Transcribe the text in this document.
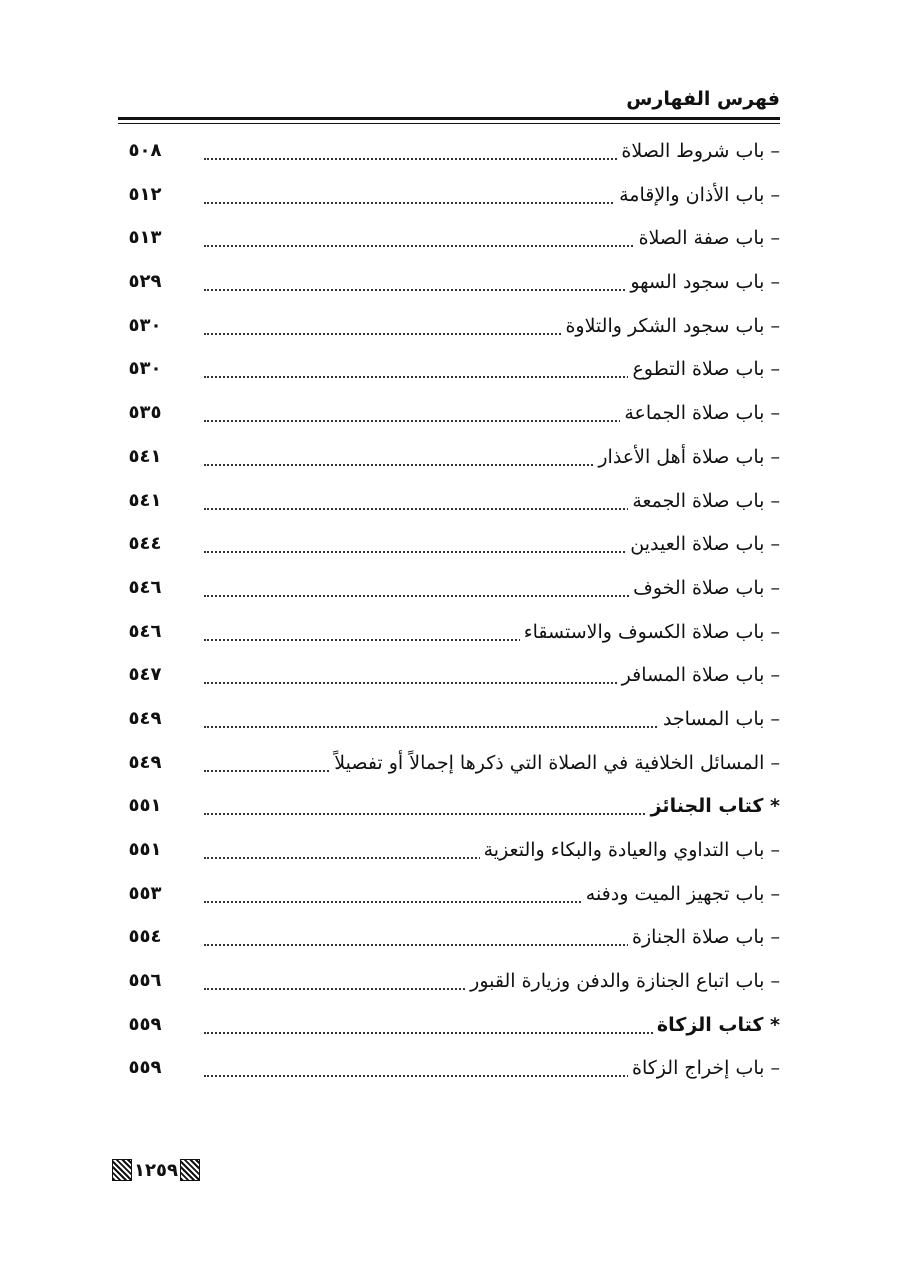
فهرس الفهارس
– باب شروط الصلاة
٥٠٨
– باب الأذان والإقامة
٥١٢
– باب صفة الصلاة
٥١٣
– باب سجود السهو
٥٢٩
– باب سجود الشكر والتلاوة
٥٣٠
– باب صلاة التطوع
٥٣٠
– باب صلاة الجماعة
٥٣٥
– باب صلاة أهل الأعذار
٥٤١
– باب صلاة الجمعة
٥٤١
– باب صلاة العيدين
٥٤٤
– باب صلاة الخوف
٥٤٦
– باب صلاة الكسوف والاستسقاء
٥٤٦
– باب صلاة المسافر
٥٤٧
– باب المساجد
٥٤٩
– المسائل الخلافية في الصلاة التي ذكرها إجمالاً أو تفصيلاً
٥٤٩
* كتاب الجنائز
٥٥١
– باب التداوي والعيادة والبكاء والتعزية
٥٥١
– باب تجهيز الميت ودفنه
٥٥٣
– باب صلاة الجنازة
٥٥٤
– باب اتباع الجنازة والدفن وزيارة القبور
٥٥٦
* كتاب الزكاة
٥٥٩
– باب إخراج الزكاة
٥٥٩
١٢٥٩
